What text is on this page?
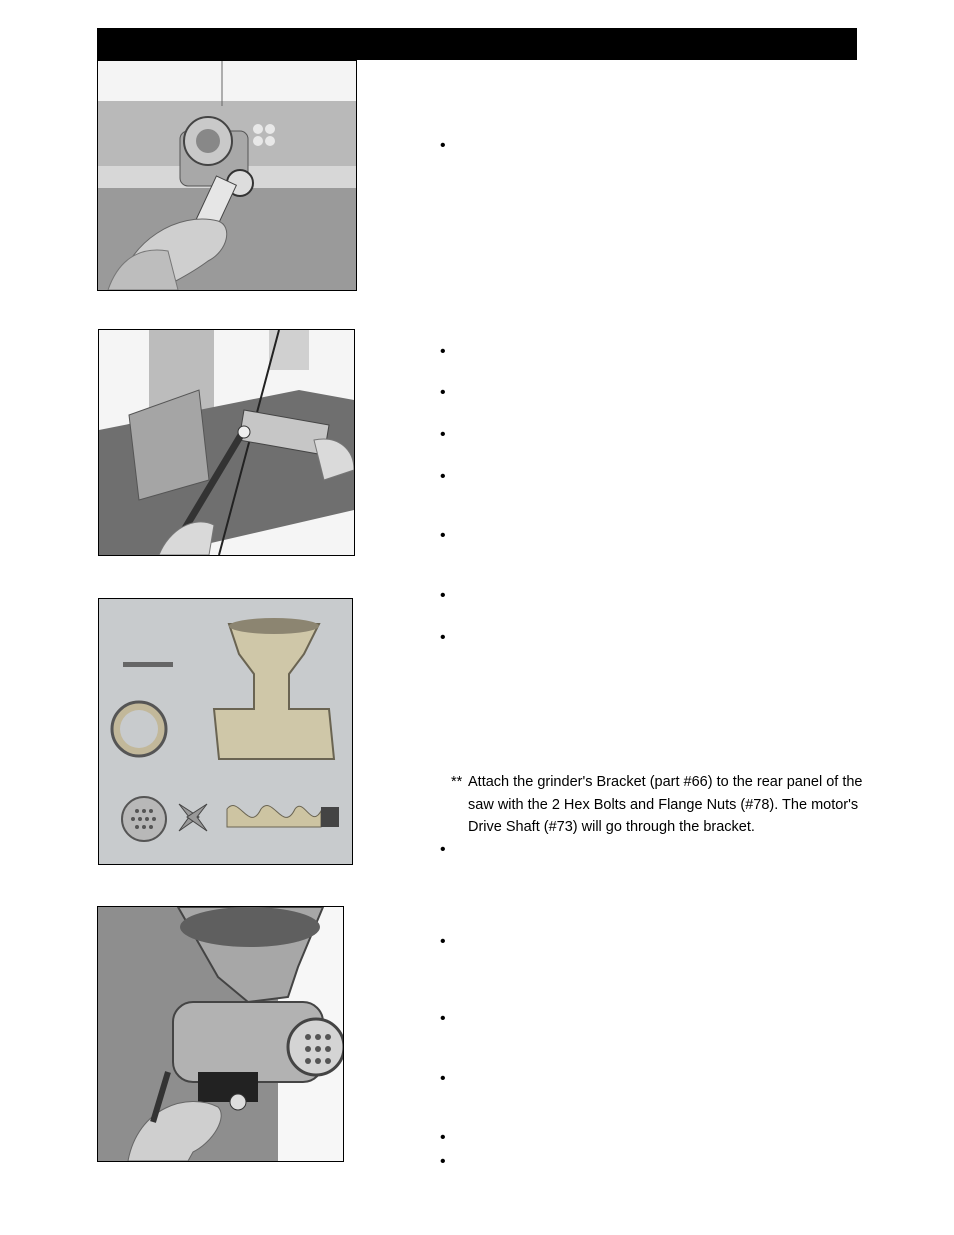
•
•
•
•
•
•
•
•
•
•
•
•
•
•
** Attach the grinder's Bracket (part #66) to the rear panel of the saw with the 2 Hex Bolts and Flange Nuts (#78). The motor's Drive Shaft (#73) will go through the bracket.
